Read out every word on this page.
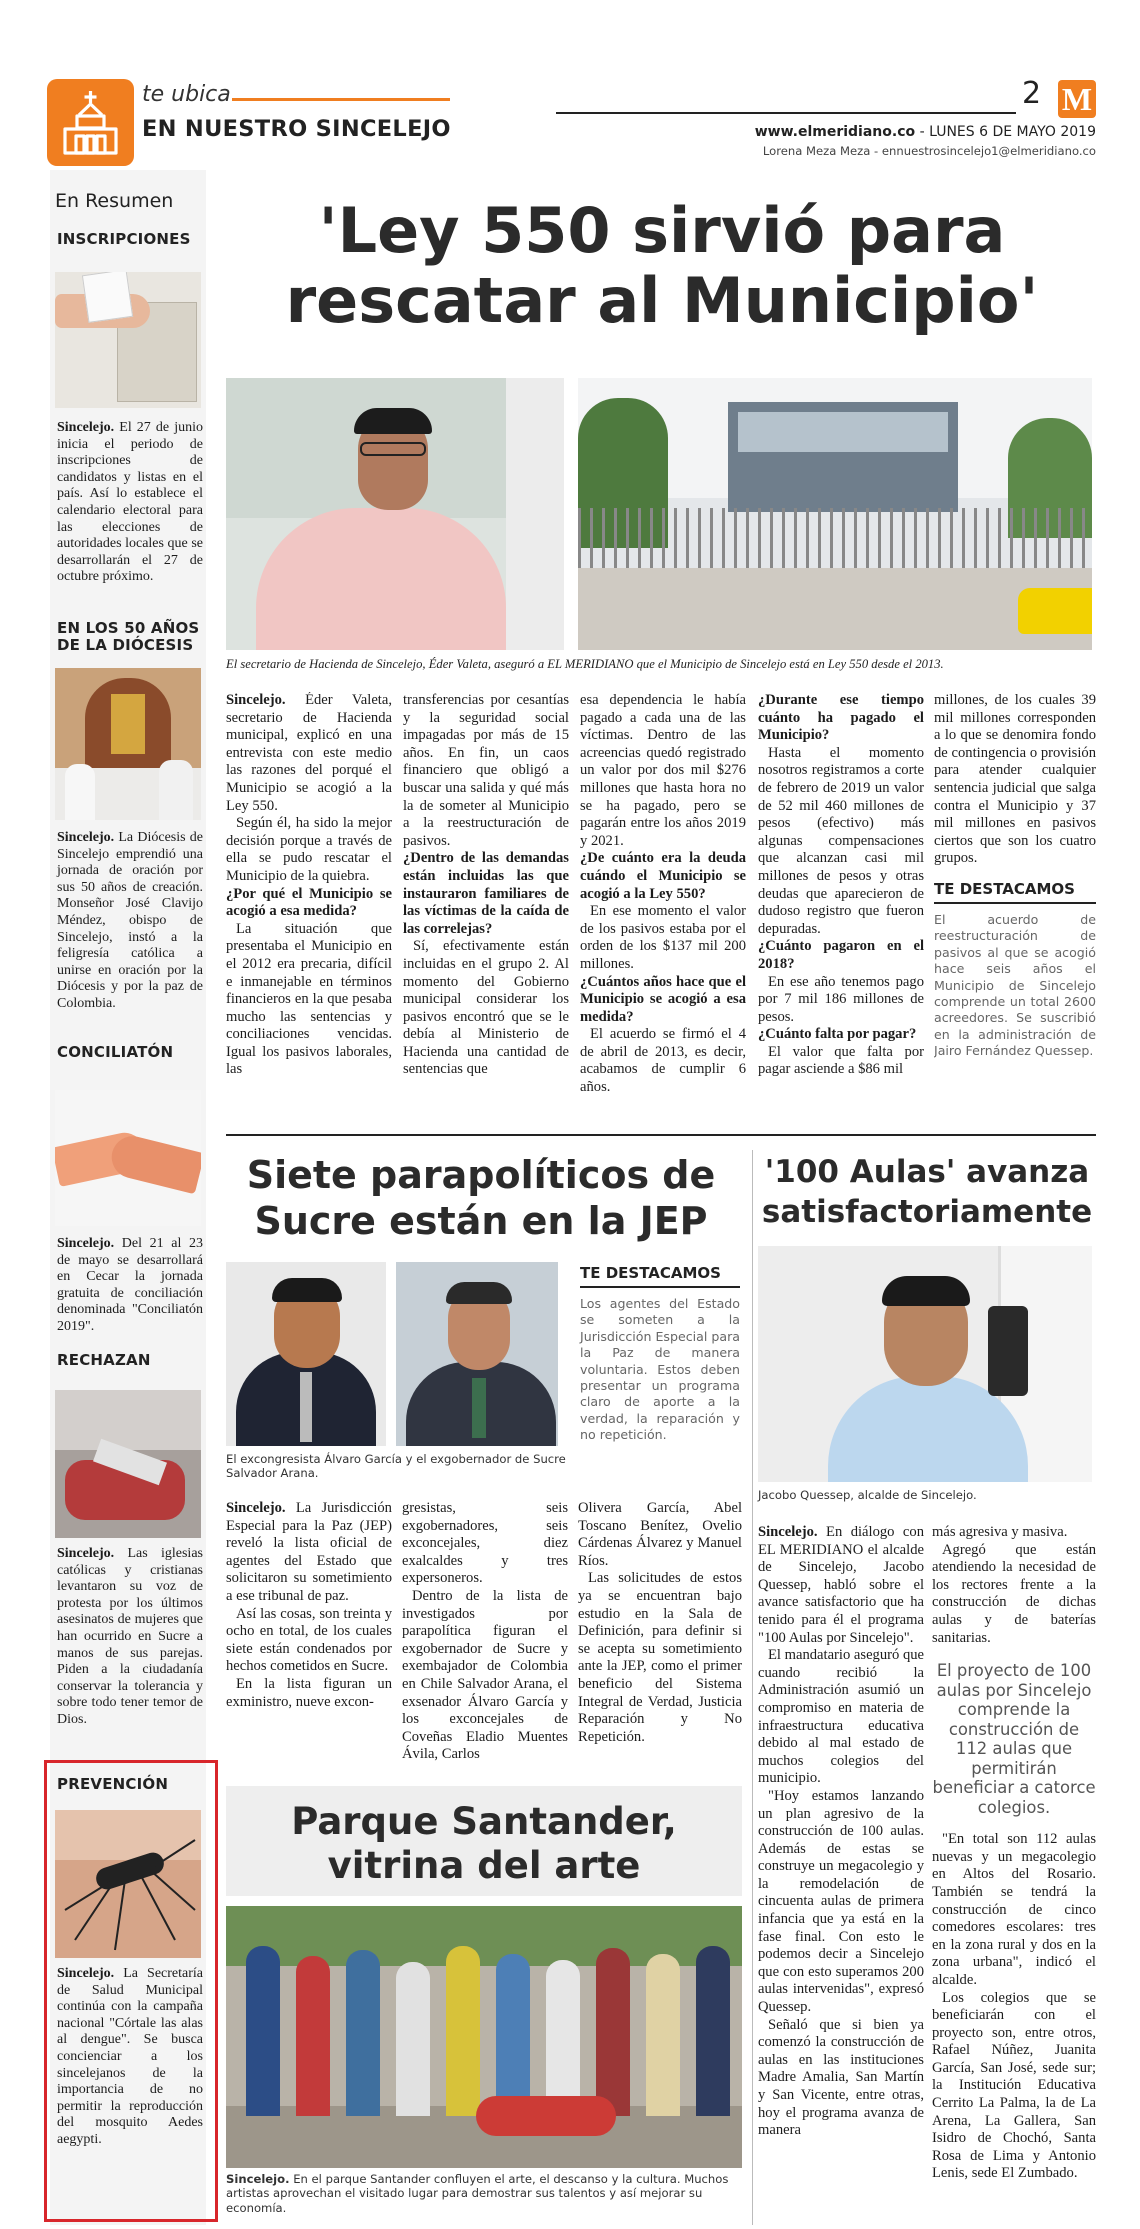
te ubica
EN NUESTRO SINCELEJO
2 M
www.elmeridiano.co - LUNES 6 DE MAYO 2019
Lorena Meza Meza - ennuestrosincelejo1@elmeridiano.co
En Resumen
INSCRIPCIONES
Sincelejo. El 27 de junio inicia el periodo de inscripciones de candidatos y listas en el país. Así lo establece el calendario electoral para las elecciones de autoridades locales que se desarrollarán el 27 de octubre próximo.
EN LOS 50 AÑOS DE LA DIÓCESIS
Sincelejo. La Diócesis de Sincelejo emprendió una jornada de oración por sus 50 años de creación. Monseñor José Clavijo Méndez, obispo de Sincelejo, instó a la feligresía católica a unirse en oración por la Diócesis y por la paz de Colombia.
CONCILIATÓN
Sincelejo. Del 21 al 23 de mayo se desarrollará en Cecar la jornada gratuita de conciliación denominada "Conciliatón 2019".
RECHAZAN
Sincelejo. Las iglesias católicas y cristianas levantaron su voz de protesta por los últimos asesinatos de mujeres que han ocurrido en Sucre a manos de sus parejas. Piden a la ciudadanía conservar la tolerancia y sobre todo tener temor de Dios.
PREVENCIÓN
Sincelejo. La Secretaría de Salud Municipal continúa con la campaña nacional "Córtale las alas al dengue". Se busca concienciar a los sincelejanos de la importancia de no permitir la reproducción del mosquito Aedes aegypti.
'Ley 550 sirvió para
rescatar al Municipio'
El secretario de Hacienda de Sincelejo, Éder Valeta, aseguró a EL MERIDIANO que el Municipio de Sincelejo está en Ley 550 desde el 2013.

Sincelejo. Éder Valeta, secretario de Hacienda municipal, explicó en una entrevista con este medio las razones del porqué el Municipio se acogió a la Ley 550.

Según él, ha sido la mejor decisión porque a través de ella se pudo rescatar el Municipio de la quiebra.

¿Por qué el Municipio se acogió a esa medida?

La situación que presentaba el Municipio en el 2012 era precaria, difícil e inmanejable en términos financieros en la que pesaba mucho las sentencias y conciliaciones vencidas. Igual los pasivos laborales, las

transferencias por cesantías y la seguridad social impagadas por más de 15 años. En fin, un caos financiero que obligó a buscar una salida y qué más la de someter al Municipio a la reestructuración de pasivos.

¿Dentro de las demandas están incluidas las que instauraron familiares de las víctimas de la caída de las correlejas?

Sí, efectivamente están incluidas en el grupo 2. Al momento del Gobierno municipal considerar los pasivos encontró que se le debía al Ministerio de Hacienda una cantidad de sentencias que

esa dependencia le había pagado a cada una de las víctimas. Dentro de las acreencias quedó registrado un valor por dos mil $276 millones que hasta hora no se ha pagado, pero se pagarán entre los años 2019 y 2021.

¿De cuánto era la deuda cuándo el Municipio se acogió a la Ley 550?

En ese momento el valor de los pasivos estaba por el orden de los $137 mil 200 millones.

¿Cuántos años hace que el Municipio se acogió a esa medida?

El acuerdo se firmó el 4 de abril de 2013, es decir, acabamos de cumplir 6 años.

¿Durante ese tiempo cuánto ha pagado el Municipio?

Hasta el momento nosotros registramos a corte de febrero de 2019 un valor de 52 mil 460 millones de pesos (efectivo) más algunas compensaciones que alcanzan casi mil millones de pesos y otras deudas que aparecieron de dudoso registro que fueron depuradas.

¿Cuánto pagaron en el 2018?

En ese año tenemos pago por 7 mil 186 millones de pesos.

¿Cuánto falta por pagar?

El valor que falta por pagar asciende a $86 mil

millones, de los cuales 39 mil millones corresponden a lo que se denomira fondo de contingencia o provisión para atender cualquier sentencia judicial que salga contra el Municipio y 37 mil millones en pasivos ciertos que son los cuatro grupos.

TE DESTACAMOS

El acuerdo de reestructuración de pasivos al que se acogió hace seis años el Municipio de Sincelejo comprende un total 2600 acreedores. Se suscribió en la administración de Jairo Fernández Quessep.

Siete parapolíticos de
Sucre están en la JEP
El excongresista Álvaro García y el exgobernador de Sucre Salvador Arana.
TE DESTACAMOS

Los agentes del Estado se someten a la Jurisdicción Especial para la Paz de manera voluntaria. Estos deben presentar un programa claro de aporte a la verdad, la reparación y no repetición.

Sincelejo. La Jurisdicción Especial para la Paz (JEP) reveló la lista oficial de agentes del Estado que solicitaron su sometimiento a ese tribunal de paz.

Así las cosas, son treinta y ocho en total, de los cuales siete están condenados por hechos cometidos en Sucre.

En la lista figuran un exministro, nueve excon-

gresistas, seis exgobernadores, seis exconcejales, diez exalcaldes y tres expersoneros.

Dentro de la lista de investigados por parapolítica figuran el exgobernador de Sucre y exembajador de Colombia en Chile Salvador Arana, el exsenador Álvaro García y los exconcejales de Coveñas Eladio Muentes Ávila, Carlos

Olivera García, Abel Toscano Benítez, Ovelio Cárdenas Álvarez y Manuel Ríos.

Las solicitudes de estos ya se encuentran bajo estudio en la Sala de Definición, para definir si se acepta su sometimiento ante la JEP, como el primer beneficio del Sistema Integral de Verdad, Justicia Reparación y No Repetición.

'100 Aulas' avanza
satisfactoriamente
Jacobo Quessep, alcalde de Sincelejo.

Sincelejo. En diálogo con EL MERIDIANO el alcalde de Sincelejo, Jacobo Quessep, habló sobre el avance satisfactorio que ha tenido para él el programa "100 Aulas por Sincelejo".

El mandatario aseguró que cuando recibió la Administración asumió un compromiso en materia de infraestructura educativa debido al mal estado de muchos colegios del municipio.

"Hoy estamos lanzando un plan agresivo de la construcción de 100 aulas. Además de estas se construye un megacolegio y la remodelación de cincuenta aulas de primera infancia que ya está en la fase final. Con esto le podemos decir a Sincelejo que con esto superamos 200 aulas intervenidas", expresó Quessep.

Señaló que si bien ya comenzó la construcción de aulas en las instituciones Madre Amalia, San Martín y San Vicente, entre otras, hoy el programa avanza de manera

más agresiva y masiva.

Agregó que están atendiendo la necesidad de los rectores frente a la construcción de dichas aulas y de baterías sanitarias.

El proyecto de 100 aulas por Sincelejo comprende la construcción de 112 aulas que permitirán beneficiar a catorce colegios.

"En total son 112 aulas nuevas y un megacolegio en Altos del Rosario. También se tendrá la construcción de cinco comedores escolares: tres en la zona rural y dos en la zona urbana", indicó el alcalde.

Los colegios que se beneficiarán con el proyecto son, entre otros, Rafael Núñez, Juanita García, San José, sede sur; la Institución Educativa Cerrito La Palma, la de La Arena, La Gallera, San Isidro de Chochó, Santa Rosa de Lima y Antonio Lenis, sede El Zumbado.

Parque Santander,
vitrina del arte
Sincelejo. En el parque Santander confluyen el arte, el descanso y la cultura. Muchos artistas aprovechan el visitado lugar para demostrar sus talentos y así mejorar su economía.
